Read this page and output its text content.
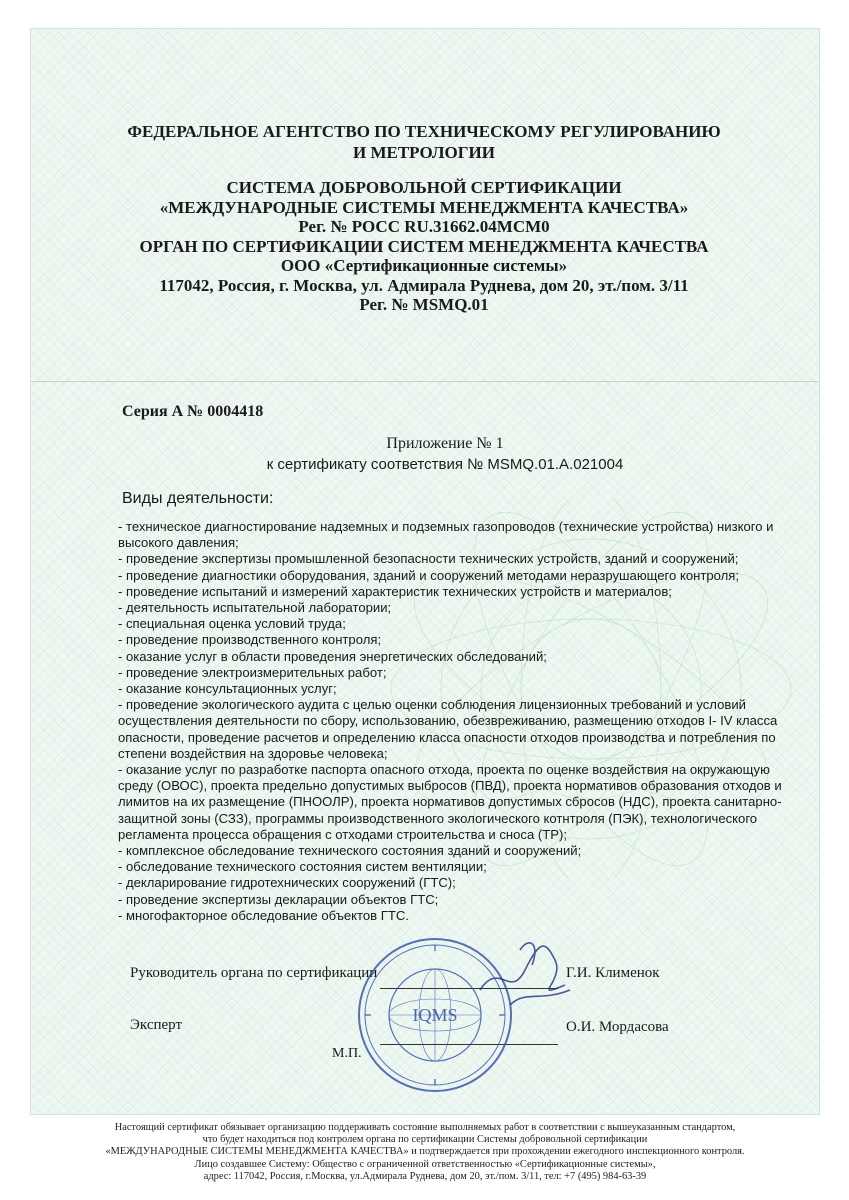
ФЕДЕРАЛЬНОЕ АГЕНТСТВО ПО ТЕХНИЧЕСКОМУ РЕГУЛИРОВАНИЮ
И МЕТРОЛОГИИ
СИСТЕМА ДОБРОВОЛЬНОЙ СЕРТИФИКАЦИИ
«МЕЖДУНАРОДНЫЕ СИСТЕМЫ МЕНЕДЖМЕНТА КАЧЕСТВА»
Рег. № РОСС RU.31662.04МСМ0
ОРГАН ПО СЕРТИФИКАЦИИ СИСТЕМ МЕНЕДЖМЕНТА КАЧЕСТВА
ООО «Сертификационные системы»
117042, Россия, г. Москва, ул. Адмирала Руднева, дом 20, эт./пом. 3/11
Рег. № MSMQ.01
Серия А № 0004418
Приложение № 1
к сертификату соответствия № MSMQ.01.A.021004
Виды деятельности:
- техническое диагностирование надземных и подземных газопроводов (технические устройства) низкого и
высокого давления;
- проведение экспертизы промышленной безопасности технических устройств, зданий и сооружений;
- проведение диагностики оборудования, зданий и сооружений методами неразрушающего контроля;
- проведение испытаний и измерений характеристик технических устройств и материалов;
- деятельность испытательной лаборатории;
- специальная оценка условий труда;
- проведение производственного контроля;
- оказание услуг в области проведения энергетических обследований;
- проведение электроизмерительных работ;
- оказание консультационных услуг;
- проведение экологического аудита с целью оценки соблюдения лицензионных требований и условий
осуществления деятельности по сбору, использованию, обезвреживанию, размещению отходов I- IV класса
опасности, проведение расчетов и определению класса опасности отходов производства и потребления по
степени воздействия на здоровье человека;
- оказание услуг по разработке паспорта опасного отхода, проекта по оценке воздействия на окружающую
среду (ОВОС), проекта предельно допустимых выбросов (ПВД), проекта нормативов образования отходов и
лимитов на их размещение (ПНООЛР), проекта нормативов допустимых сбросов (НДС), проекта санитарно-
защитной зоны (СЗЗ), программы производственного экологического котнтроля (ПЭК), технологического
регламента процесса обращения с отходами строительства и сноса (ТР);
- комплексное обследование технического состояния зданий и сооружений;
- обследование технического состояния систем вентиляции;
- декларирование гидротехнических сооружений (ГТС);
- проведение экспертизы декларации объектов ГТС;
- многофакторное обследование объектов ГТС.
Руководитель органа по сертификации	Г.И. Клименок
Эксперт	О.И. Мордасова
М.П.
IQMS
Настоящий сертификат обязывает организацию поддерживать состояние выполняемых работ в соответствии с вышеуказанным стандартом,
что будет находиться под контролем органа по сертификации Системы добровольной сертификации
«МЕЖДУНАРОДНЫЕ СИСТЕМЫ МЕНЕДЖМЕНТА КАЧЕСТВА» и подтверждается при прохождении ежегодного инспекционного контроля.
Лицо создавшее Систему: Общество с ограниченной ответственностью «Сертификационные системы»,
адрес: 117042, Россия, г.Москва, ул.Адмирала Руднева, дом 20, эт./пом. 3/11, тел: +7 (495) 984-63-39
